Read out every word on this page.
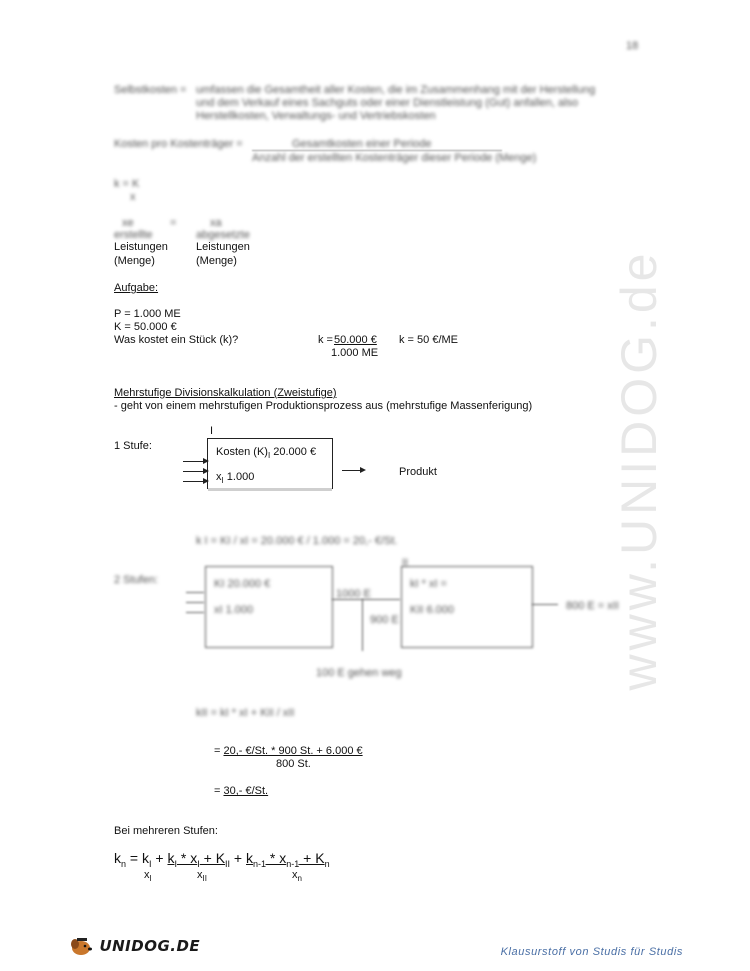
www.UNIDOG.de
18
Selbstkosten = umfassen die Gesamtheit aller Kosten, die im Zusammenhang mit der Herstellung
und dem Verkauf eines Sachguts oder einer Dienstleistung (Gut) anfallen, also
Herstellkosten, Verwaltungs- und Vertriebskosten
Kosten pro Kostenträger =	Gesamtkosten einer Periode
Anzahl der erstellten Kostenträger dieser Periode (Menge)
k = K
x
xe	=	xa
erstellte	abgesetzte
Leistungen
(Menge)
Leistungen
(Menge)
Aufgabe:
P = 1.000 ME
K = 50.000 €
Was kostet ein Stück (k)?	k = 50.000 €
1.000 ME
k = 50 €/ME
Mehrstufige Divisionskalkulation (Zweistufige)
- geht von einem mehrstufigen Produktionsprozess aus (mehrstufige Massenferigung)
1 Stufe:
I
Kosten $(K)_I$ 20.000 €
$x_I$ 1.000	Produkt
k I = KI / xI = 20.000 € / 1.000 = 20,- €/St.
2 Stufen:	KI 20.000 €
xI 1.000
II
kI * xI =
KII 6.000
1000 E
900 E
800 E = xII
100 E gehen weg
kII = kI * xI + KII / xII
= 20,- €/St. * 900 St. + 6.000 €
800 St.
= 30,- €/St.
Bei mehreren Stufen:
$k_n = k_I + k_I * x_I + K_{II} + k_{n-1} * x_{n-1} + K_n$
$x_I$	$x_{II}$	$x_n$
UNIDOG.DE	Klausurstoff von Studis für Studis
